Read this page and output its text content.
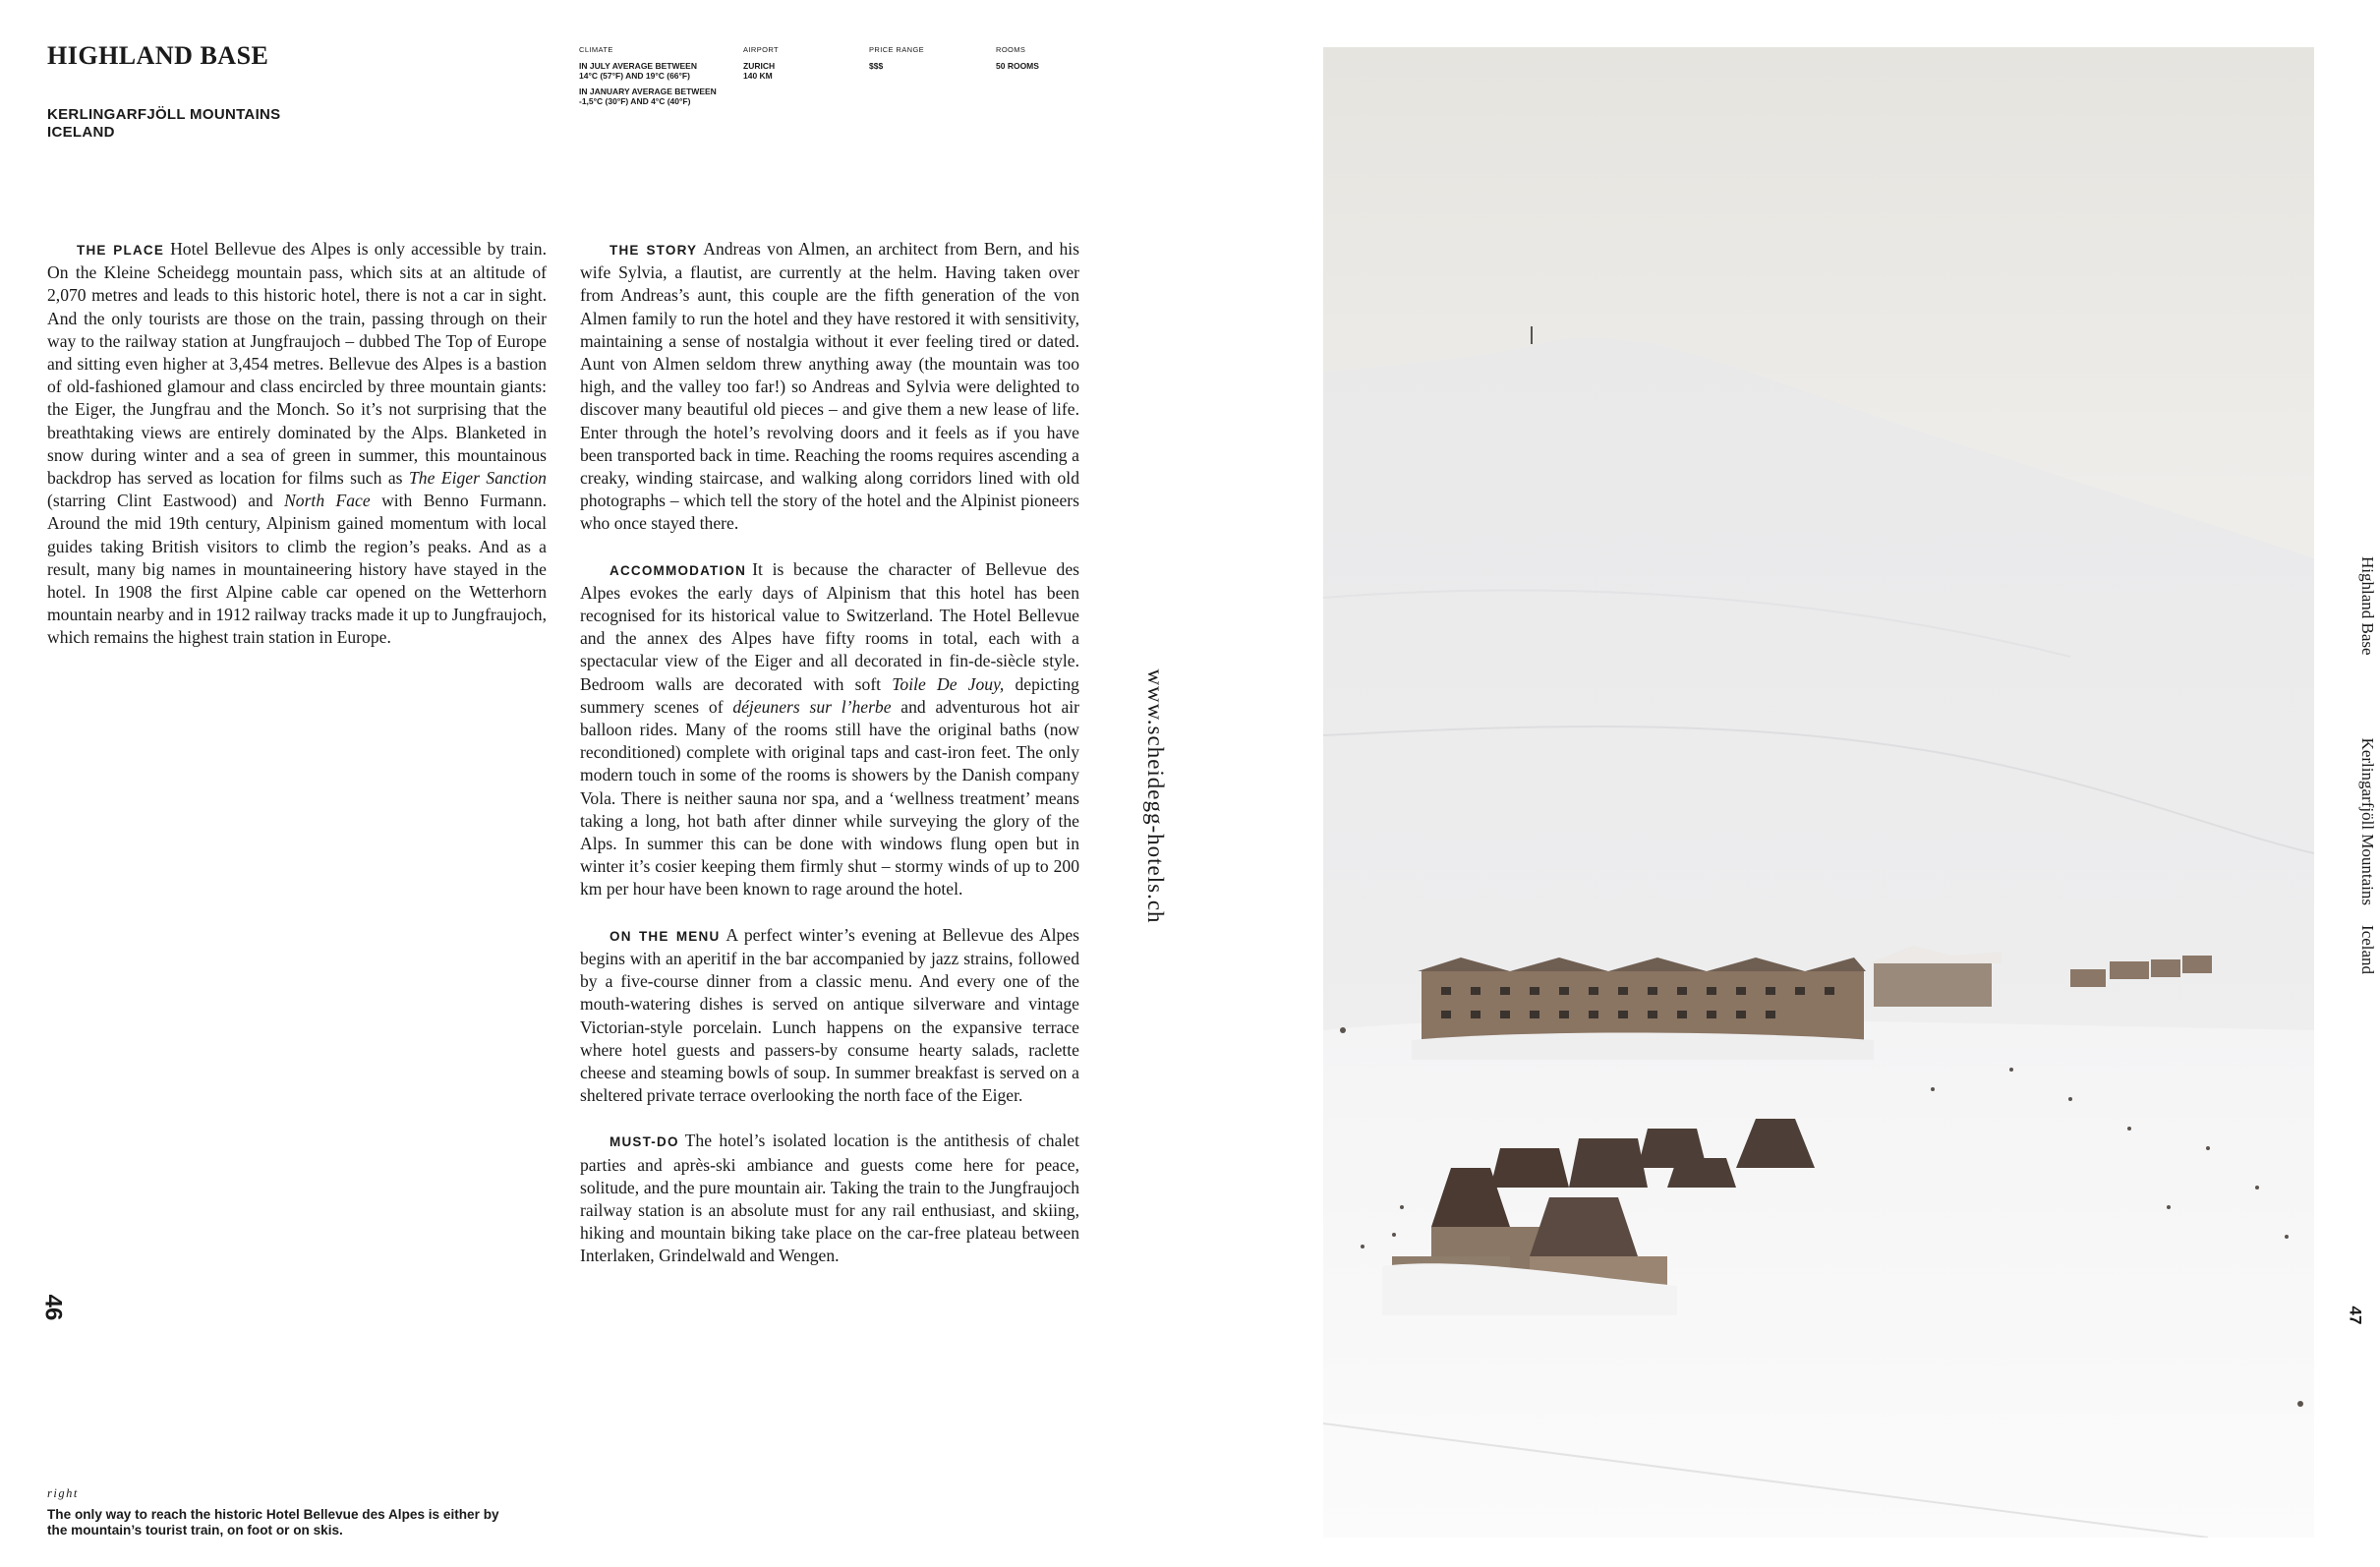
HIGHLAND BASE
KERLINGARFJÖLL MOUNTAINS
ICELAND
CLIMATE
IN JULY AVERAGE BETWEEN 14°C (57°F) AND 19°C (66°F)
IN JANUARY AVERAGE BETWEEN -1,5°C (30°F) AND 4°C (40°F)
AIRPORT
ZURICH 140 KM
PRICE RANGE
$$$
ROOMS
50 ROOMS

THE PLACE Hotel Bellevue des Alpes is only accessible by train. On the Kleine Scheidegg mountain pass, which sits at an altitude of 2,070 metres and leads to this historic hotel, there is not a car in sight. And the only tourists are those on the train, passing through on their way to the railway station at Jungfraujoch – dubbed The Top of Europe and sitting even higher at 3,454 metres. Bellevue des Alpes is a bastion of old-fashioned glamour and class encircled by three mountain giants: the Eiger, the Jungfrau and the Monch. So it’s not surprising that the breathtaking views are entirely dominated by the Alps. Blanketed in snow during winter and a sea of green in summer, this mountainous backdrop has served as location for films such as The Eiger Sanction (starring Clint Eastwood) and North Face with Benno Furmann. Around the mid 19th century, Alpinism gained momentum with local guides taking British visitors to climb the region’s peaks. And as a result, many big names in mountaineering history have stayed in the hotel. In 1908 the first Alpine cable car opened on the Wetterhorn mountain nearby and in 1912 railway tracks made it up to Jungfraujoch, which remains the highest train station in Europe.

THE STORY Andreas von Almen, an architect from Bern, and his wife Sylvia, a flautist, are currently at the helm. Having taken over from Andreas’s aunt, this couple are the fifth generation of the von Almen family to run the hotel and they have restored it with sensitivity, maintaining a sense of nostalgia without it ever feeling tired or dated. Aunt von Almen seldom threw anything away (the mountain was too high, and the valley too far!) so Andreas and Sylvia were delighted to discover many beautiful old pieces – and give them a new lease of life. Enter through the hotel’s revolving doors and it feels as if you have been transported back in time. Reaching the rooms requires ascending a creaky, winding staircase, and walking along corridors lined with old photographs – which tell the story of the hotel and the Alpinist pioneers who once stayed there.

ACCOMMODATION It is because the character of Bellevue des Alpes evokes the early days of Alpinism that this hotel has been recognised for its historical value to Switzerland. The Hotel Bellevue and the annex des Alpes have fifty rooms in total, each with a spectacular view of the Eiger and all decorated in fin-de-siècle style. Bedroom walls are decorated with soft Toile De Jouy, depicting summery scenes of déjeuners sur l’herbe and adventurous hot air balloon rides. Many of the rooms still have the original baths (now reconditioned) complete with original taps and cast-iron feet. The only modern touch in some of the rooms is showers by the Danish company Vola. There is neither sauna nor spa, and a ‘wellness treatment’ means taking a long, hot bath after dinner while surveying the glory of the Alps. In summer this can be done with windows flung open but in winter it’s cosier keeping them firmly shut – stormy winds of up to 200 km per hour have been known to rage around the hotel.

ON THE MENU A perfect winter’s evening at Bellevue des Alpes begins with an aperitif in the bar accompanied by jazz strains, followed by a five-course dinner from a classic menu. And every one of the mouth-watering dishes is served on antique silverware and vintage Victorian-style porcelain. Lunch happens on the expansive terrace where hotel guests and passers-by consume hearty salads, raclette cheese and steaming bowls of soup. In summer breakfast is served on a sheltered private terrace overlooking the north face of the Eiger.

MUST-DO The hotel’s isolated location is the antithesis of chalet parties and après-ski ambiance and guests come here for peace, solitude, and the pure mountain air. Taking the train to the Jungfraujoch railway station is an absolute must for any rail enthusiast, and skiing, hiking and mountain biking take place on the car-free plateau between Interlaken, Grindelwald and Wengen.

www.scheidegg-hotels.ch
46	47
right
The only way to reach the historic Hotel Bellevue des Alpes is either by the mountain’s tourist train, on foot or on skis.
Highland BaseKerlingarfjöll MountainsIceland
